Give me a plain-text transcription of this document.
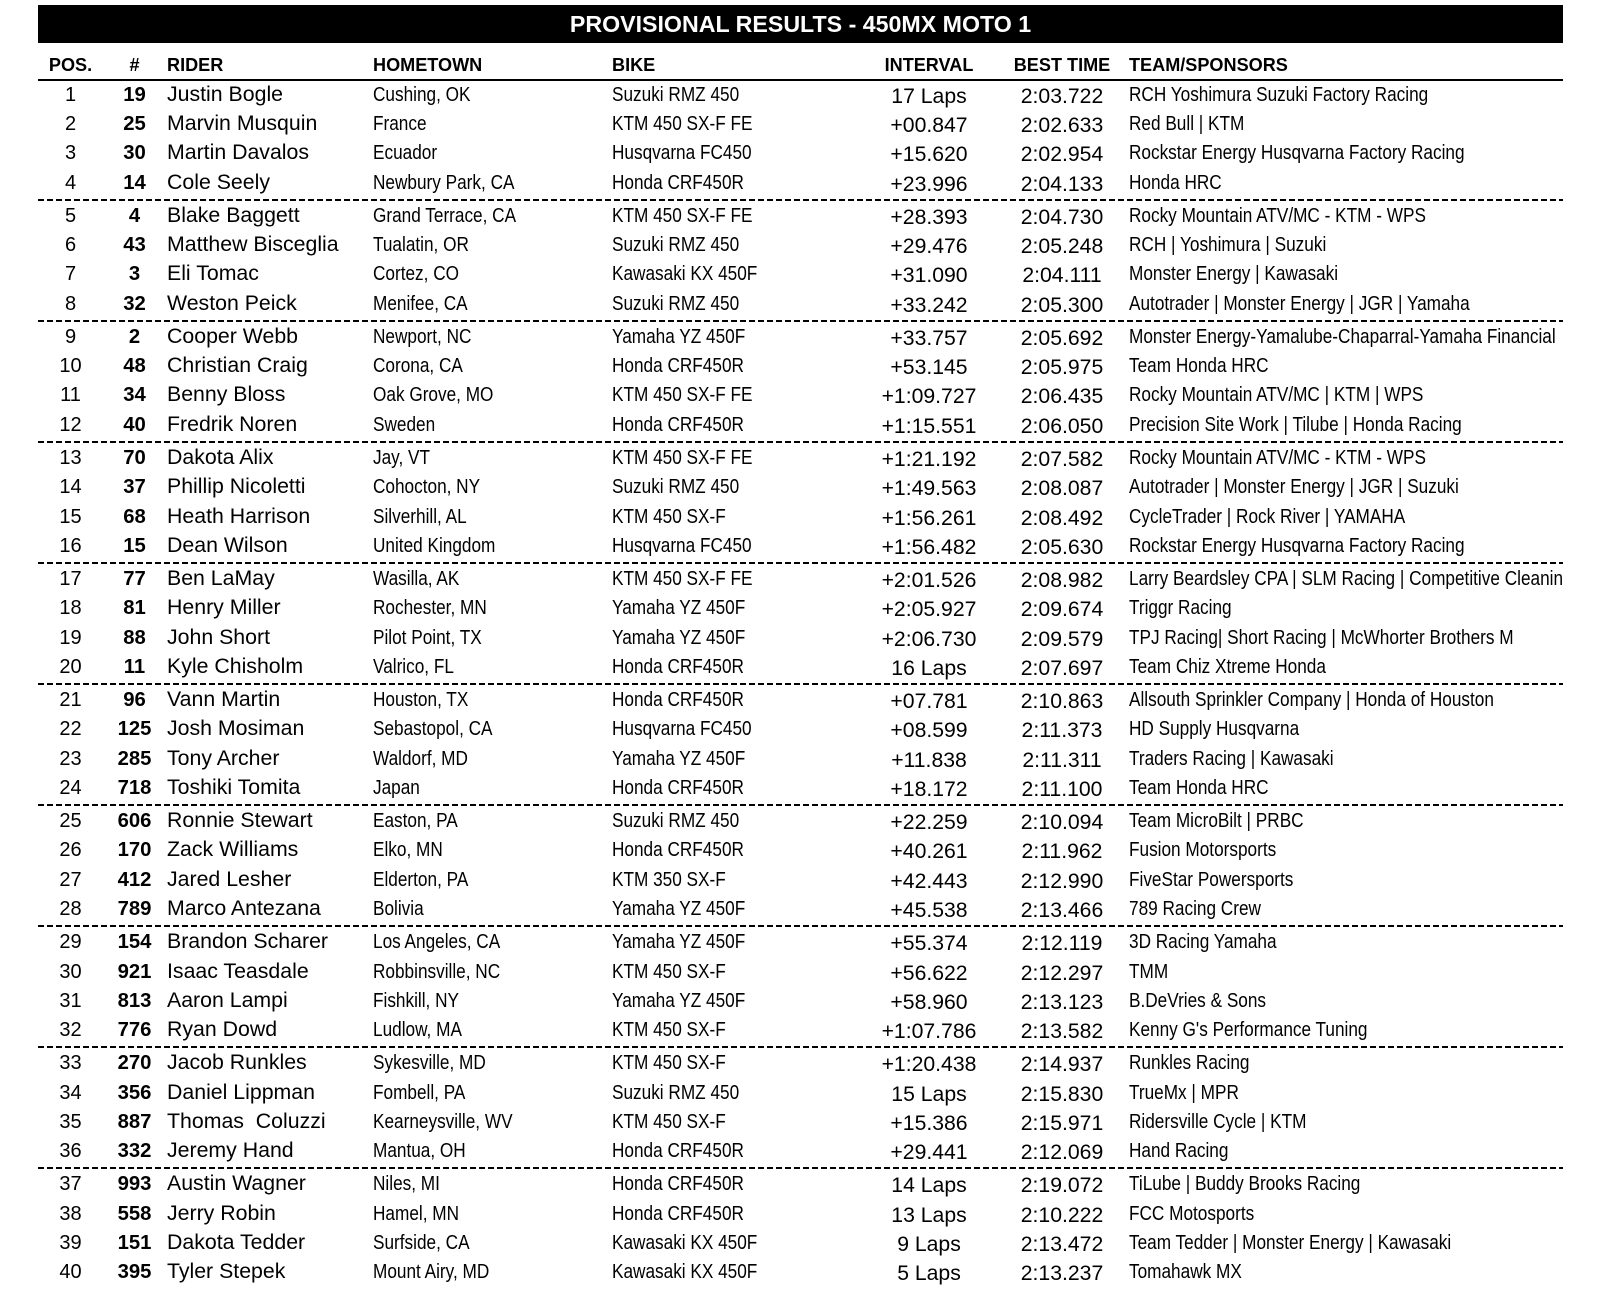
PROVISIONAL RESULTS - 450MX MOTO 1
POS.	#	RIDER	HOMETOWN	BIKE	INTERVAL	BEST TIME	TEAM/SPONSORS
1	19 Justin Bogle	Cushing, OK	Suzuki RMZ 450	17 Laps	2:03.722	RCH Yoshimura Suzuki Factory Racing
2	25 Marvin Musquin	France	KTM 450 SX-F FE	+00.847	2:02.633	Red Bull | KTM
3	30 Martin Davalos	Ecuador	Husqvarna FC450	+15.620	2:02.954	Rockstar Energy Husqvarna Factory Racing
4	14 Cole Seely	Newbury Park, CA	Honda CRF450R	+23.996	2:04.133	Honda HRC
5	4	Blake Baggett	Grand Terrace, CA	KTM 450 SX-F FE	+28.393	2:04.730	Rocky Mountain ATV/MC - KTM - WPS
6	43 Matthew Bisceglia	Tualatin, OR	Suzuki RMZ 450	+29.476	2:05.248	RCH | Yoshimura | Suzuki
7	3	Eli Tomac	Cortez, CO	Kawasaki KX 450F	+31.090	2:04.111	Monster Energy | Kawasaki
8	32 Weston Peick	Menifee, CA	Suzuki RMZ 450	+33.242	2:05.300	Autotrader | Monster Energy | JGR | Yamaha
9	2	Cooper Webb	Newport, NC	Yamaha YZ 450F	+33.757	2:05.692	Monster Energy-Yamalube-Chaparral-Yamaha Financial
10	48 Christian Craig	Corona, CA	Honda CRF450R	+53.145	2:05.975	Team Honda HRC
11	34 Benny Bloss	Oak Grove, MO	KTM 450 SX-F FE	+1:09.727	2:06.435	Rocky Mountain ATV/MC | KTM | WPS
12	40 Fredrik Noren	Sweden	Honda CRF450R	+1:15.551	2:06.050	Precision Site Work | Tilube | Honda Racing
13	70 Dakota Alix	Jay, VT	KTM 450 SX-F FE	+1:21.192	2:07.582	Rocky Mountain ATV/MC - KTM - WPS
14	37 Phillip Nicoletti	Cohocton, NY	Suzuki RMZ 450	+1:49.563	2:08.087	Autotrader | Monster Energy | JGR | Suzuki
15	68 Heath Harrison	Silverhill, AL	KTM 450 SX-F	+1:56.261	2:08.492	CycleTrader | Rock River | YAMAHA
16	15 Dean Wilson	United Kingdom	Husqvarna FC450	+1:56.482	2:05.630	Rockstar Energy Husqvarna Factory Racing
17	77 Ben LaMay	Wasilla, AK	KTM 450 SX-F FE	+2:01.526	2:08.982	Larry Beardsley CPA | SLM Racing | Competitive Cleanin
18	81 Henry Miller	Rochester, MN	Yamaha YZ 450F	+2:05.927	2:09.674	Triggr Racing
19	88 John Short	Pilot Point, TX	Yamaha YZ 450F	+2:06.730	2:09.579	TPJ Racing| Short Racing | McWhorter Brothers M
20	11	Kyle Chisholm	Valrico, FL	Honda CRF450R	16 Laps	2:07.697	Team Chiz Xtreme Honda
21	96 Vann Martin	Houston, TX	Honda CRF450R	+07.781	2:10.863	Allsouth Sprinkler Company | Honda of Houston
22	125 Josh Mosiman	Sebastopol, CA	Husqvarna FC450	+08.599	2:11.373	HD Supply Husqvarna
23	285 Tony Archer	Waldorf, MD	Yamaha YZ 450F	+11.838	2:11.311	Traders Racing | Kawasaki
24	718 Toshiki Tomita	Japan	Honda CRF450R	+18.172	2:11.100	Team Honda HRC
25	606 Ronnie Stewart	Easton, PA	Suzuki RMZ 450	+22.259	2:10.094	Team MicroBilt | PRBC
26	170 Zack Williams	Elko, MN	Honda CRF450R	+40.261	2:11.962	Fusion Motorsports
27	412 Jared Lesher	Elderton, PA	KTM 350 SX-F	+42.443	2:12.990	FiveStar Powersports
28	789 Marco Antezana	Bolivia	Yamaha YZ 450F	+45.538	2:13.466	789 Racing Crew
29	154 Brandon Scharer	Los Angeles, CA	Yamaha YZ 450F	+55.374	2:12.119	3D Racing Yamaha
30	921 Isaac Teasdale	Robbinsville, NC	KTM 450 SX-F	+56.622	2:12.297	TMM
31	813 Aaron Lampi	Fishkill, NY	Yamaha YZ 450F	+58.960	2:13.123	B.DeVries & Sons
32	776 Ryan Dowd	Ludlow, MA	KTM 450 SX-F	+1:07.786	2:13.582	Kenny G's Performance Tuning
33	270 Jacob Runkles	Sykesville, MD	KTM 450 SX-F	+1:20.438	2:14.937	Runkles Racing
34	356 Daniel Lippman	Fombell, PA	Suzuki RMZ 450	15 Laps	2:15.830	TrueMx | MPR
35	887 Thomas  Coluzzi	Kearneysville, WV	KTM 450 SX-F	+15.386	2:15.971	Ridersville Cycle | KTM
36	332 Jeremy Hand	Mantua, OH	Honda CRF450R	+29.441	2:12.069	Hand Racing
37	993 Austin Wagner	Niles, MI	Honda CRF450R	14 Laps	2:19.072	TiLube | Buddy Brooks Racing
38	558 Jerry Robin	Hamel, MN	Honda CRF450R	13 Laps	2:10.222	FCC Motosports
39	151 Dakota Tedder	Surfside, CA	Kawasaki KX 450F	9 Laps	2:13.472	Team Tedder | Monster Energy | Kawasaki
40	395 Tyler Stepek	Mount Airy, MD	Kawasaki KX 450F	5 Laps	2:13.237	Tomahawk MX
